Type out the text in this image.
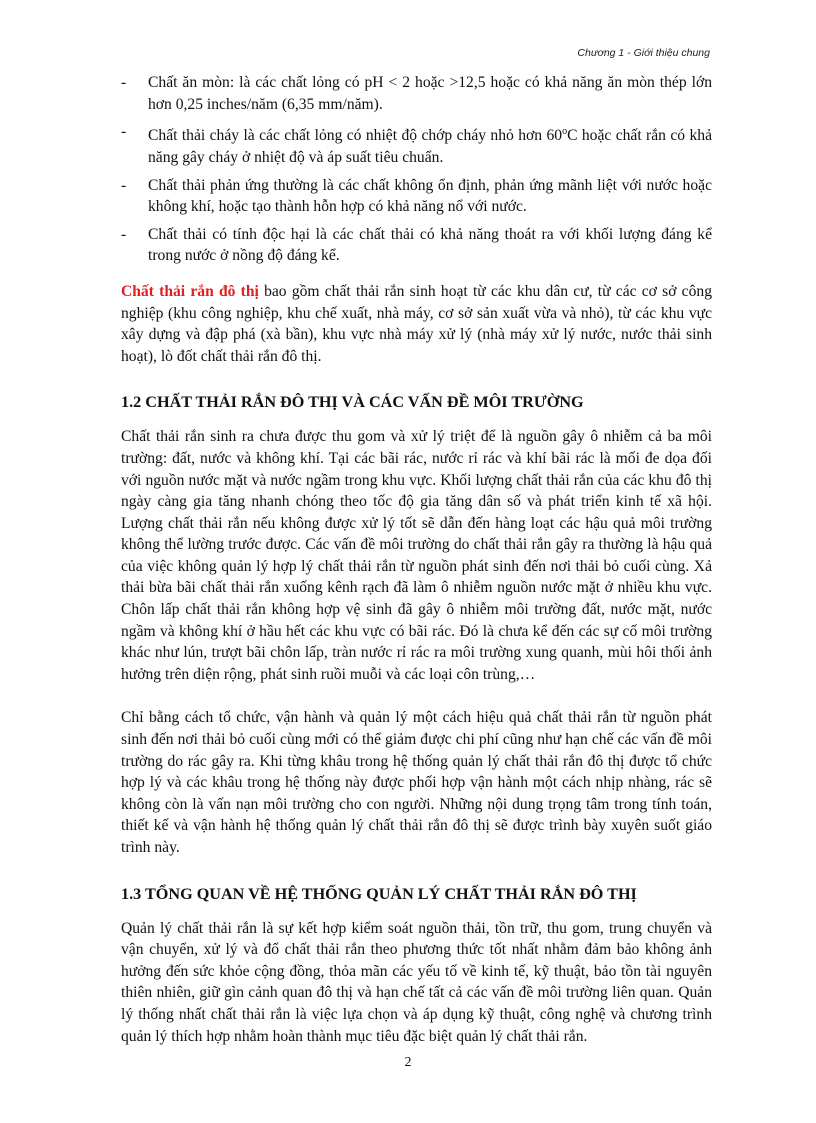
Chương 1 - Giới thiệu chung
- Chất ăn mòn: là các chất lỏng có pH < 2 hoặc >12,5 hoặc có khả năng ăn mòn thép lớn hơn 0,25 inches/năm (6,35 mm/năm).
- Chất thải cháy là các chất lỏng có nhiệt độ chớp cháy nhỏ hơn 60$^o$C hoặc chất rắn có khả năng gây cháy ở nhiệt độ và áp suất tiêu chuẩn.
- Chất thải phản ứng thường là các chất không ổn định, phản ứng mãnh liệt với nước hoặc không khí, hoặc tạo thành hỗn hợp có khả năng nổ với nước.
- Chất thải có tính độc hại là các chất thải có khả năng thoát ra với khối lượng đáng kể trong nước ở nồng độ đáng kể.

Chất thải rắn đô thị bao gồm chất thải rắn sinh hoạt từ các khu dân cư, từ các cơ sở công nghiệp (khu công nghiệp, khu chế xuất, nhà máy, cơ sở sản xuất vừa và nhỏ), từ các khu vực xây dựng và đập phá (xà bần), khu vực nhà máy xử lý (nhà máy xử lý nước, nước thải sinh hoạt), lò đốt chất thải rắn đô thị.

1.2 CHẤT THẢI RẮN ĐÔ THỊ VÀ CÁC VẤN ĐỀ MÔI TRƯỜNG

Chất thải rắn sinh ra chưa được thu gom và xử lý triệt để là nguồn gây ô nhiễm cả ba môi trường: đất, nước và không khí. Tại các bãi rác, nước rỉ rác và khí bãi rác là mối đe dọa đối với nguồn nước mặt và nước ngầm trong khu vực. Khối lượng chất thải rắn của các khu đô thị ngày càng gia tăng nhanh chóng theo tốc độ gia tăng dân số và phát triển kinh tế xã hội. Lượng chất thải rắn nếu không được xử lý tốt sẽ dẫn đến hàng loạt các hậu quả môi trường không thể lường trước được. Các vấn đề môi trường do chất thải rắn gây ra thường là hậu quả của việc không quản lý hợp lý chất thải rắn từ nguồn phát sinh đến nơi thải bỏ cuối cùng. Xả thải bừa bãi chất thải rắn xuống kênh rạch đã làm ô nhiễm nguồn nước mặt ở nhiều khu vực. Chôn lấp chất thải rắn không hợp vệ sinh đã gây ô nhiễm môi trường đất, nước mặt, nước ngầm và không khí ở hầu hết các khu vực có bãi rác. Đó là chưa kể đến các sự cố môi trường khác như lún, trượt bãi chôn lấp, tràn nước rỉ rác ra môi trường xung quanh, mùi hôi thối ảnh hưởng trên diện rộng, phát sinh ruồi muỗi và các loại côn trùng,…

Chỉ bằng cách tổ chức, vận hành và quản lý một cách hiệu quả chất thải rắn từ nguồn phát sinh đến nơi thải bỏ cuối cùng mới có thể giảm được chi phí cũng như hạn chế các vấn đề môi trường do rác gây ra. Khi từng khâu trong hệ thống quản lý chất thải rắn đô thị được tổ chức hợp lý và các khâu trong hệ thống này được phối hợp vận hành một cách nhịp nhàng, rác sẽ không còn là vấn nạn môi trường cho con người. Những nội dung trọng tâm trong tính toán, thiết kế và vận hành hệ thống quản lý chất thải rắn đô thị sẽ được trình bày xuyên suốt giáo trình này.

1.3 TỔNG QUAN VỀ HỆ THỐNG QUẢN LÝ CHẤT THẢI RẮN ĐÔ THỊ

Quản lý chất thải rắn là sự kết hợp kiểm soát nguồn thải, tồn trữ, thu gom, trung chuyển và vận chuyển, xử lý và đổ chất thải rắn theo phương thức tốt nhất nhằm đảm bảo không ảnh hưởng đến sức khỏe cộng đồng, thỏa mãn các yếu tố về kinh tế, kỹ thuật, bảo tồn tài nguyên thiên nhiên, giữ gìn cảnh quan đô thị và hạn chế tất cả các vấn đề môi trường liên quan. Quản lý thống nhất chất thải rắn là việc lựa chọn và áp dụng kỹ thuật, công nghệ và chương trình quản lý thích hợp nhằm hoàn thành mục tiêu đặc biệt quản lý chất thải rắn.

2
